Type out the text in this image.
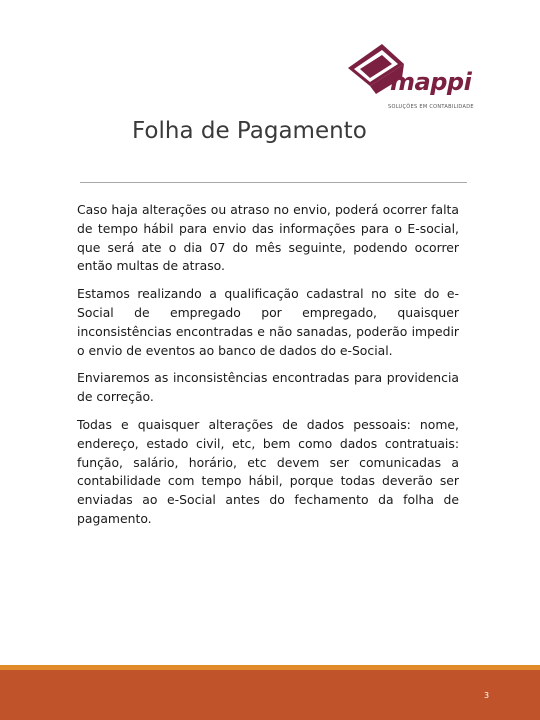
mappi
SOLUÇÕES EM CONTABILIDADE
Folha de Pagamento

Caso haja alterações ou atraso no envio, poderá ocorrer falta de tempo hábil para envio das informações para o E-social, que será ate o dia 07 do mês seguinte, podendo ocorrer então multas de atraso.

Estamos realizando a qualificação cadastral no site do e-Social de empregado por empregado, quaisquer inconsistências encontradas e não sanadas, poderão impedir o envio de eventos ao banco de dados do e-Social.

Enviaremos as inconsistências encontradas para providencia de correção.

Todas e quaisquer alterações de dados pessoais: nome, endereço, estado civil, etc, bem como dados contratuais: função, salário, horário, etc devem ser comunicadas a contabilidade com tempo hábil, porque todas deverão ser enviadas ao e-Social antes do fechamento da folha de pagamento.

3
